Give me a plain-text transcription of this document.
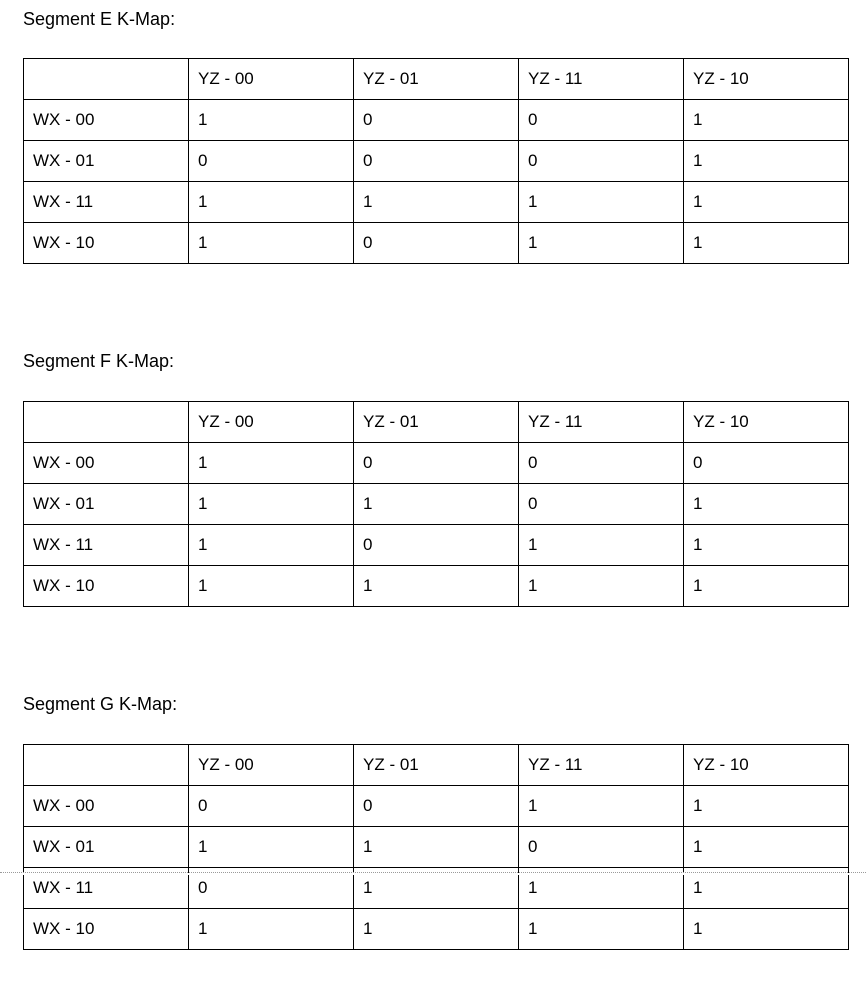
Segment E K-Map:
	YZ - 00	YZ - 01	YZ - 11	YZ - 10
WX - 00	1	0	0	1
WX - 01	0	0	0	1
WX - 11	1	1	1	1
WX - 10	1	0	1	1
Segment F K-Map:
	YZ - 00	YZ - 01	YZ - 11	YZ - 10
WX - 00	1	0	0	0
WX - 01	1	1	0	1
WX - 11	1	0	1	1
WX - 10	1	1	1	1
Segment G K-Map:
	YZ - 00	YZ - 01	YZ - 11	YZ - 10
WX - 00	0	0	1	1
WX - 01	1	1	0	1
WX - 11	0	1	1	1
WX - 10	1	1	1	1
